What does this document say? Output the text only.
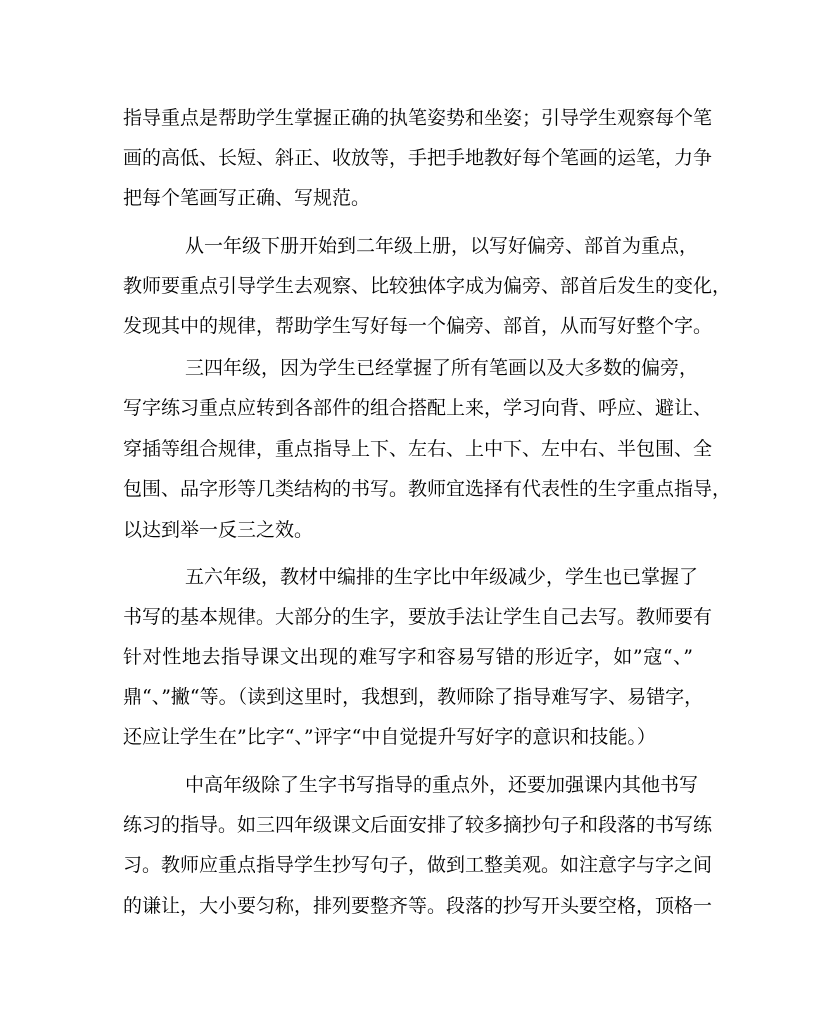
指导重点是帮助学生掌握正确的执笔姿势和坐姿；引导学生观察每个笔
画的高低、长短、斜正、收放等，手把手地教好每个笔画的运笔，力争
把每个笔画写正确、写规范。
从一年级下册开始到二年级上册，以写好偏旁、部首为重点，
教师要重点引导学生去观察、比较独体字成为偏旁、部首后发生的变化，
发现其中的规律，帮助学生写好每一个偏旁、部首，从而写好整个字。
三四年级，因为学生已经掌握了所有笔画以及大多数的偏旁，
写字练习重点应转到各部件的组合搭配上来，学习向背、呼应、避让、
穿插等组合规律，重点指导上下、左右、上中下、左中右、半包围、全
包围、品字形等几类结构的书写。教师宜选择有代表性的生字重点指导，
以达到举一反三之效。
五六年级，教材中编排的生字比中年级减少，学生也已掌握了
书写的基本规律。大部分的生字，要放手法让学生自己去写。教师要有
针对性地去指导课文出现的难写字和容易写错的形近字，如”寇“、”
鼎“、”撇“等。（读到这里时，我想到，教师除了指导难写字、易错字，
还应让学生在”比字“、”评字“中自觉提升写好字的意识和技能。）
中高年级除了生字书写指导的重点外，还要加强课内其他书写
练习的指导。如三四年级课文后面安排了较多摘抄句子和段落的书写练
习。教师应重点指导学生抄写句子，做到工整美观。如注意字与字之间
的谦让，大小要匀称，排列要整齐等。段落的抄写开头要空格，顶格一
